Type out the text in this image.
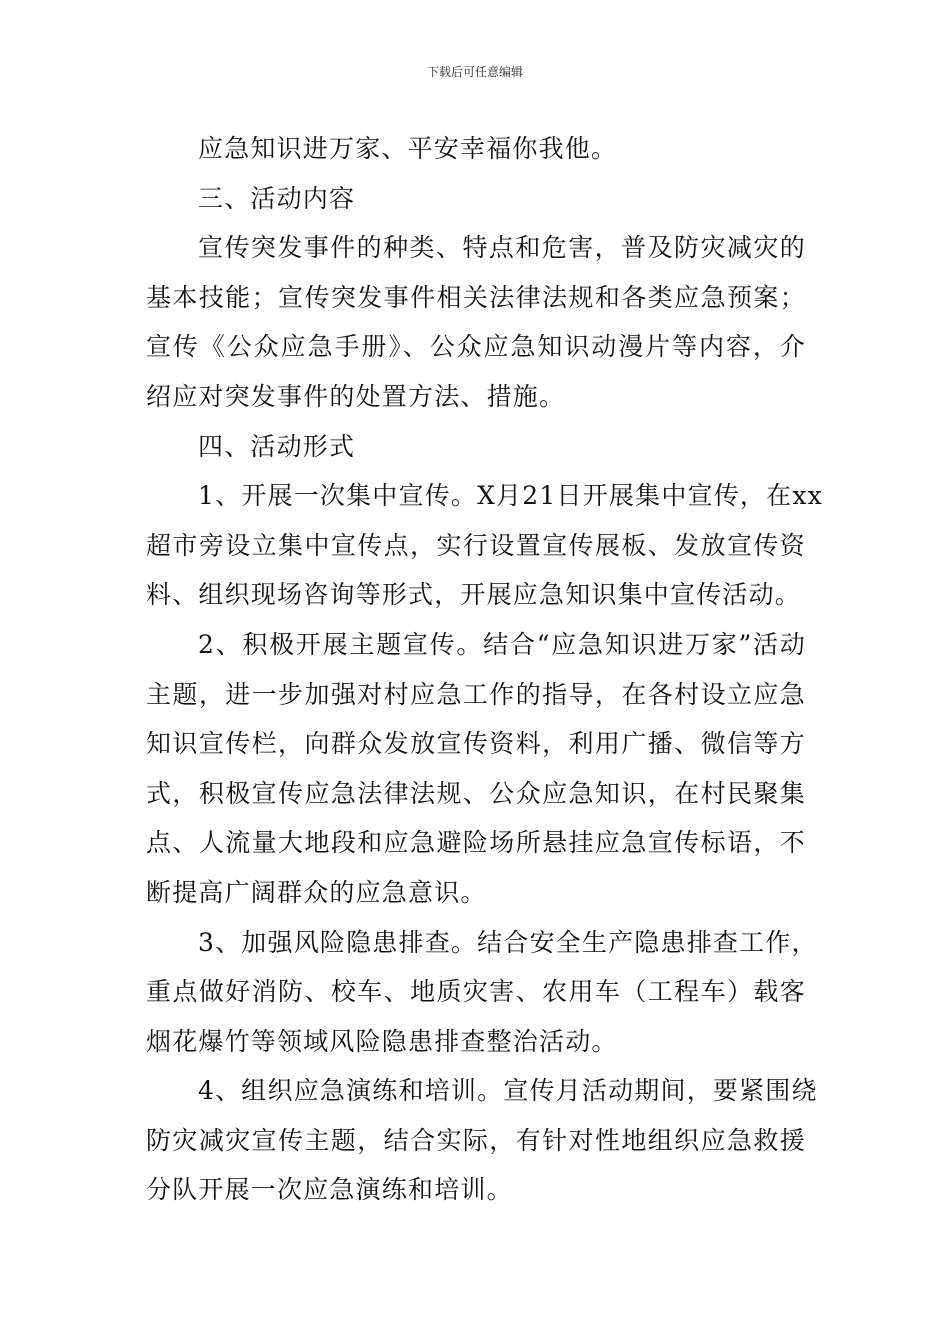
下载后可任意编辑
应急知识进万家、平安幸福你我他。
三、活动内容
宣传突发事件的种类、特点和危害，普及防灾减灾的
基本技能；宣传突发事件相关法律法规和各类应急预案；
宣传《公众应急手册》、公众应急知识动漫片等内容，介
绍应对突发事件的处置方法、措施。
四、活动形式
1、开展一次集中宣传。X月21日开展集中宣传，在xx
超市旁设立集中宣传点，实行设置宣传展板、发放宣传资
料、组织现场咨询等形式，开展应急知识集中宣传活动。
2、积极开展主题宣传。结合“应急知识进万家”活动
主题，进一步加强对村应急工作的指导，在各村设立应急
知识宣传栏，向群众发放宣传资料，利用广播、微信等方
式，积极宣传应急法律法规、公众应急知识，在村民聚集
点、人流量大地段和应急避险场所悬挂应急宣传标语，不
断提高广阔群众的应急意识。
3、加强风险隐患排查。结合安全生产隐患排查工作，
重点做好消防、校车、地质灾害、农用车（工程车）载客
烟花爆竹等领域风险隐患排查整治活动。
4、组织应急演练和培训。宣传月活动期间，要紧围绕
防灾减灾宣传主题，结合实际，有针对性地组织应急救援
分队开展一次应急演练和培训。
